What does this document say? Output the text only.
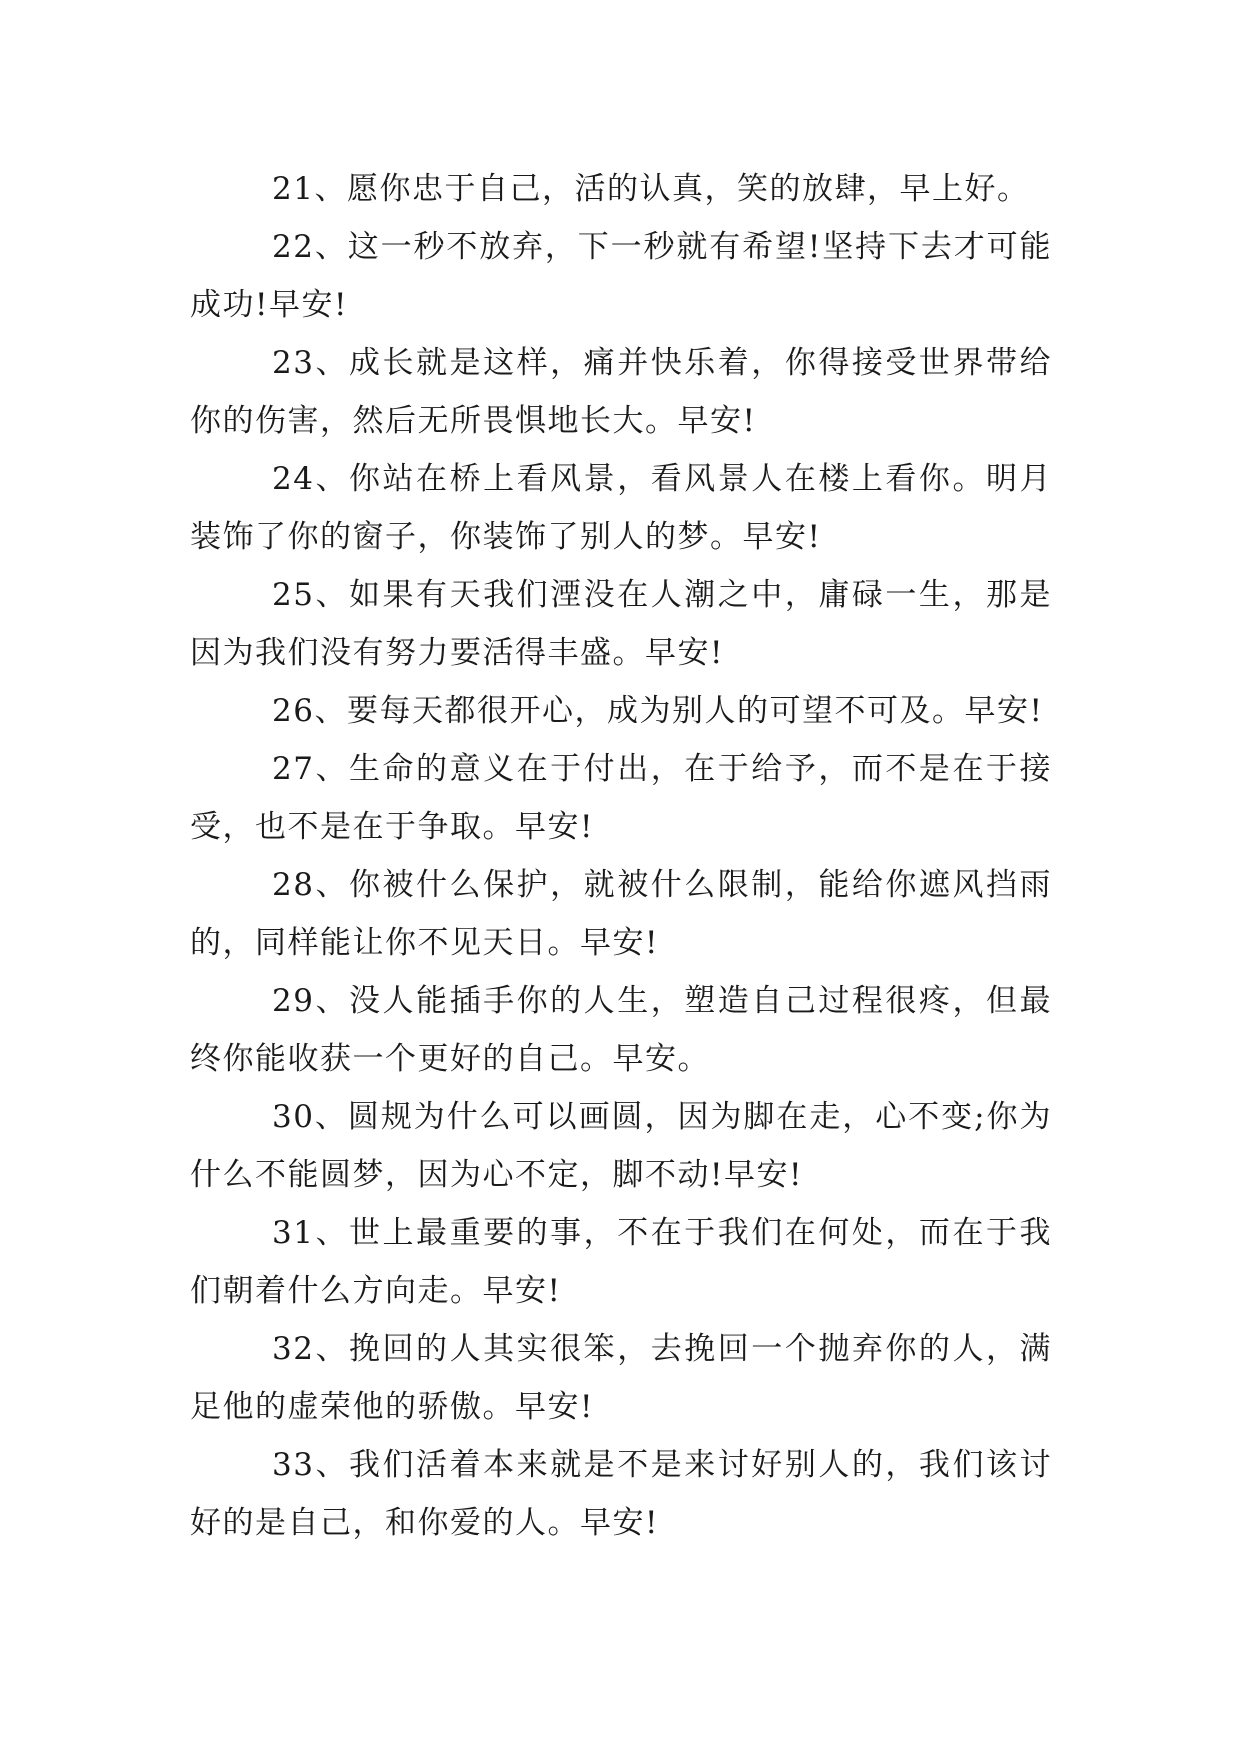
21、愿你忠于自己，活的认真，笑的放肆，早上好。

22、这一秒不放弃，下一秒就有希望!坚持下去才可能成功!早安!

23、成长就是这样，痛并快乐着，你得接受世界带给你的伤害，然后无所畏惧地长大。早安!

24、你站在桥上看风景，看风景人在楼上看你。明月装饰了你的窗子，你装饰了别人的梦。早安!

25、如果有天我们湮没在人潮之中，庸碌一生，那是因为我们没有努力要活得丰盛。早安!

26、要每天都很开心，成为别人的可望不可及。早安!

27、生命的意义在于付出，在于给予，而不是在于接受，也不是在于争取。早安!

28、你被什么保护，就被什么限制，能给你遮风挡雨的，同样能让你不见天日。早安!

29、没人能插手你的人生，塑造自己过程很疼，但最终你能收获一个更好的自己。早安。

30、圆规为什么可以画圆，因为脚在走，心不变;你为什么不能圆梦，因为心不定，脚不动!早安!

31、世上最重要的事，不在于我们在何处，而在于我们朝着什么方向走。早安!

32、挽回的人其实很笨，去挽回一个抛弃你的人，满足他的虚荣他的骄傲。早安!

33、我们活着本来就是不是来讨好别人的，我们该讨好的是自己，和你爱的人。早安!
